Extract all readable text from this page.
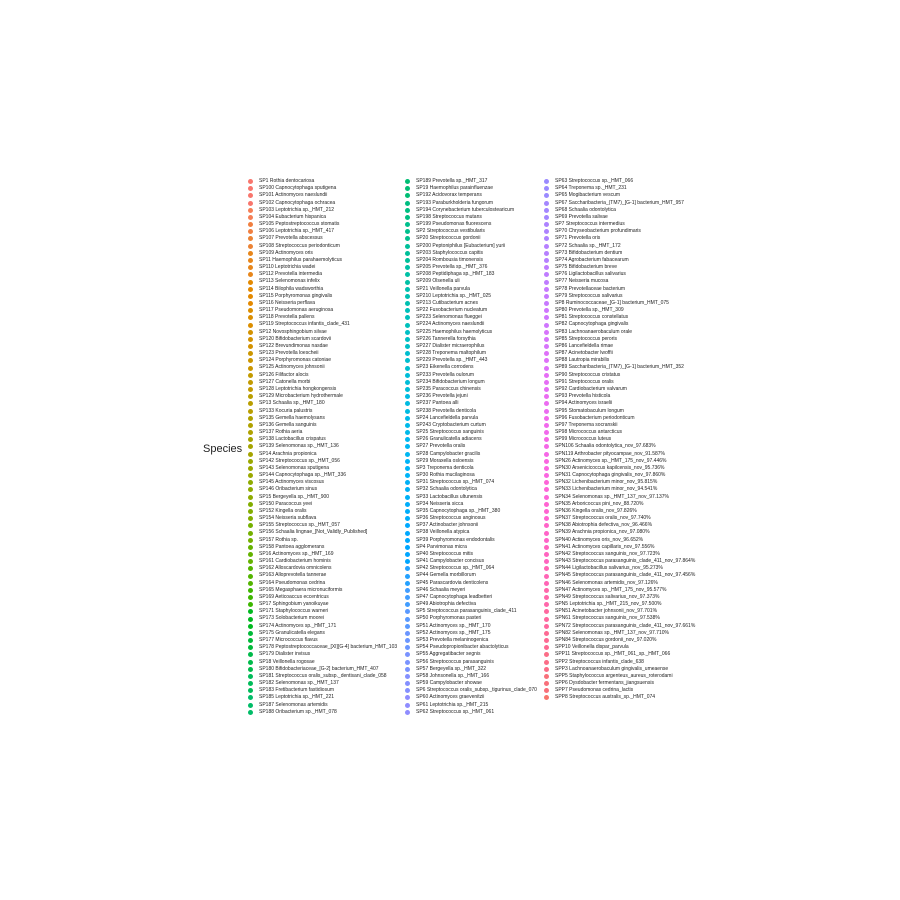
Species
SP1 Rothia dentocariosa
SP100 Capnocytophaga sputigena
SP101 Actinomyces naeslundii
SP102 Capnocytophaga ochracea
SP103 Leptotrichia sp._HMT_212
SP104 Eubacterium hispanica
SP105 Peptostreptococcus stomatis
SP106 Leptotrichia sp._HMT_417
SP107 Prevotella abscessus
SP108 Streptococcus periodonticum
SP109 Actinomyces oris
SP11 Haemophilus parahaemolyticus
SP110 Leptotrichia wadei
SP112 Prevotella intermedia
SP113 Selenomonas infelix
SP114 Bilophila wadsworthia
SP115 Porphyromonas gingivalis
SP116 Neisseria perflava
SP117 Pseudomonas aeruginosa
SP118 Prevotella pallens
SP119 Streptococcus infantis_clade_431
SP12 Novosphingobium silvae
SP120 Bifidobacterium scardovii
SP122 Brevundimonas nasdae
SP123 Prevotella loescheii
SP124 Porphyromonas catoniae
SP125 Actinomyces johnsonii
SP126 Filifactor alocis
SP127 Catonella morbi
SP128 Leptotrichia hongkongensis
SP129 Microbacterium hydrothermale
SP13 Schaalia sp._HMT_180
SP133 Kocuria palustris
SP135 Gemella haemolysans
SP136 Gemella sanguinis
SP137 Rothia aeria
SP138 Lactobacillus crispatus
SP139 Selenomonas sp._HMT_136
SP14 Arachnia propionica
SP142 Streptococcus sp._HMT_056
SP143 Selenomonas sputigena
SP144 Capnocytophaga sp._HMT_336
SP145 Actinomyces viscosus
SP146 Oribacterium sinus
SP15 Bergeyella sp._HMT_900
SP150 Paracoccus yeei
SP152 Kingella oralis
SP154 Neisseria subflava
SP155 Streptococcus sp._HMT_057
SP156 Schaalia lingnae_[Not_Validly_Published]
SP157 Rothia sp.
SP158 Pantoea agglomerans
SP16 Actinomyces sp._HMT_169
SP161 Cardiobacterium hominis
SP162 Alloscardovia omnicolens
SP163 Alloprevotella tannerae
SP164 Pseudomonas cedrina
SP165 Megasphaera micronuciformis
SP169 Aeticoaccus eccentricus
SP17 Sphingobium yanoikuyae
SP171 Staphylococcus warneri
SP173 Solobacterium moorei
SP174 Actinomyces sp._HMT_171
SP175 Granulicatella elegans
SP177 Micrococcus flavus
SP178 Peptostreptococcaceae_[XI][G-4] bacterium_HMT_103
SP179 Dialister invisus
SP18 Veillonella rogosae
SP180 Bifidobacteriaceae_[G-2] bacterium_HMT_407
SP181 Streptococcus oralis_subsp._dentisani_clade_058
SP182 Selenomonas sp._HMT_137
SP183 Fretibacterium fastidiosum
SP185 Leptotrichia sp._HMT_221
SP187 Selenomonas artemidis
SP188 Oribacterium sp._HMT_078
SP189 Prevotella sp._HMT_317
SP19 Haemophilus parainfluenzae
SP192 Acidovorax temperans
SP193 Paraburkholderia fungorum
SP194 Corynebacterium tuberculostearicum
SP198 Streptococcus mutans
SP199 Pseudomonas fluorescens
SP2 Streptococcus vestibularis
SP20 Streptococcus gordonii
SP200 Peptoniphilus [Eubacterium] yurii
SP203 Staphylococcus capitis
SP204 Rombousia timonensis
SP205 Prevotella sp._HMT_376
SP208 Peptidiphaga sp._HMT_183
SP209 Olsenella uli
SP21 Veillonella parvula
SP210 Leptotrichia sp._HMT_025
SP213 Cutibacterium acnes
SP22 Fusobacterium nucleatum
SP223 Selenomonas flueggei
SP224 Actinomyces naeslundii
SP225 Haemophilus haemolyticus
SP226 Tannerella forsythia
SP227 Dialister micraerophilus
SP228 Treponema maltophilum
SP229 Prevotella sp._HMT_443
SP23 Eikenella corrodens
SP233 Prevotella oulorum
SP234 Bifidobacterium longum
SP235 Paracoccus chinensis
SP236 Prevotella jejuni
SP237 Pantoea alli
SP238 Prevotella denticola
SP24 Lancefieldella parvula
SP243 Cryptobacterium curtum
SP25 Streptococcus sanguinis
SP26 Granulicatella adiacens
SP27 Prevotella oralis
SP28 Campylobacter gracilis
SP29 Moraxella osloensis
SP3 Treponema denticola
SP30 Rothia mucilaginosa
SP31 Streptococcus sp._HMT_074
SP32 Schaalia odontolytica
SP33 Lactobacillus ultunensis
SP34 Neisseria sicca
SP35 Capnocytophaga sp._HMT_380
SP36 Streptococcus anginosus
SP37 Actinobacter johnsonii
SP38 Veillonella atypica
SP39 Porphyromonas endodontalis
SP4 Parvimonas micra
SP40 Streptococcus mitis
SP41 Campylobacter concisus
SP42 Streptococcus sp._HMT_064
SP44 Gemella morbillorum
SP45 Parascardovia denticolens
SP46 Schaalia meyeri
SP47 Capnocytophaga leadbetteri
SP49 Abiotrophia defectiva
SP5 Streptococcus parasanguinis_clade_411
SP50 Porphyromonas pasteri
SP51 Actinomyces sp._HMT_170
SP52 Actinomyces sp._HMT_175
SP53 Prevotella melaninogenica
SP54 Pseudopropionibacter abactolyticus
SP55 Aggregatibacter segnis
SP56 Streptococcus parasanguinis
SP57 Bergeyella sp._HMT_322
SP58 Johnsonella sp._HMT_166
SP59 Campylobacter showae
SP6 Streptococcus oralis_subsp._tigurinus_clade_070
SP60 Actinomyces graevenitzii
SP61 Leptotrichia sp._HMT_215
SP62 Streptococcus sp._HMT_061
SP63 Streptococcus sp._HMT_066
SP64 Treponema sp._HMT_231
SP65 Mogibacterium vescum
SP67 Saccharibacteria_(TM7)_[G-1] bacterium_HMT_957
SP68 Schaalia odontolytica
SP69 Prevotella salivae
SP7 Streptococcus intermedius
SP70 Chryseobacterium profundimaris
SP71 Prevotella oris
SP72 Schaalia sp._HMT_172
SP73 Bifidobacterium dentium
SP74 Agrobacterium fabacearum
SP75 Bifidobacterium breve
SP76 Ligilactobacillus salivarius
SP77 Neisseria mucosa
SP78 Prevotellaceae bacterium
SP79 Streptococcus salivarius
SP8 Ruminococcaceae_[G-1] bacterium_HMT_075
SP80 Prevotella sp._HMT_309
SP81 Streptococcus constellatus
SP82 Capnocytophaga gingivalis
SP83 Lachnoanaerobaculum orale
SP85 Streptococcus peroris
SP86 Lancefieldella rimae
SP87 Acinetobacter lwoffii
SP88 Lautropia mirabilis
SP89 Saccharibacteria_(TM7)_[G-1] bacterium_HMT_352
SP90 Streptococcus cristatus
SP91 Streptococcus oralis
SP92 Cardiobacterium valvarum
SP93 Prevotella histicola
SP94 Actinomyces israelii
SP95 Stomatobaculum longum
SP96 Fusobacterium periodonticum
SP97 Treponema socranskii
SP98 Micrococcus antarcticus
SP99 Micrococcus luteus
SPN106 Schaalia odontolytica_nov_97.683%
SPN119 Arthrobacter pityocampae_nov_91.587%
SPN26 Actinomyces sp._HMT_175_nov_97.446%
SPN30 Arsenicicoccus kapilcensis_nov_95.736%
SPN31 Capnocytophaga gingivalis_nov_97.860%
SPN32 Lichenibacterium minor_nov_95.815%
SPN33 Lichenibacterium minor_nov_94.541%
SPN34 Selenomonas sp._HMT_137_nov_97.137%
SPN35 Arboricoccus pini_nov_88.720%
SPN36 Kingella oralis_nov_97.826%
SPN37 Streptococcus oralis_nov_97.740%
SPN38 Abiotrophia defectiva_nov_96.466%
SPN39 Arachnia propionica_nov_97.080%
SPN40 Actinomyces oris_nov_96.652%
SPN41 Actinomyces capillaris_nov_97.556%
SPN42 Streptococcus sanguinis_nov_97.723%
SPN43 Streptococcus parasanguinis_clade_411_nov_97.864%
SPN44 Ligilactobacillus salivarius_nov_95.273%
SPN45 Streptococcus parasanguinis_clade_411_nov_97.456%
SPN46 Selenomonas artemidis_nov_97.126%
SPN47 Actinomyces sp._HMT_175_nov_95.577%
SPN49 Streptococcus salivarius_nov_97.373%
SPN5 Leptotrichia sp._HMT_215_nov_97.500%
SPN51 Acinetobacter johnsonii_nov_97.701%
SPN61 Streptococcus sanguinis_nov_97.538%
SPN72 Streptococcus parasanguinis_clade_411_nov_97.661%
SPN82 Selenomonas sp._HMT_137_nov_97.710%
SPN84 Streptococcus gordonii_nov_97.020%
SPP10 Veillonella dispar_parvula
SPP11 Streptococcus sp._HMT_061_sp._HMT_066
SPP2 Streptococcus infantis_clade_638
SPP3 Lachnoanaerobaculum gingivalis_umeaense
SPP5 Staphylococcus argenteus_aureus_roterodami
SPP6 Dysdobacter fermentans_jiangsuensis
SPP7 Pseudomonas cedrina_lactis
SPP8 Streptococcus australis_sp._HMT_074
